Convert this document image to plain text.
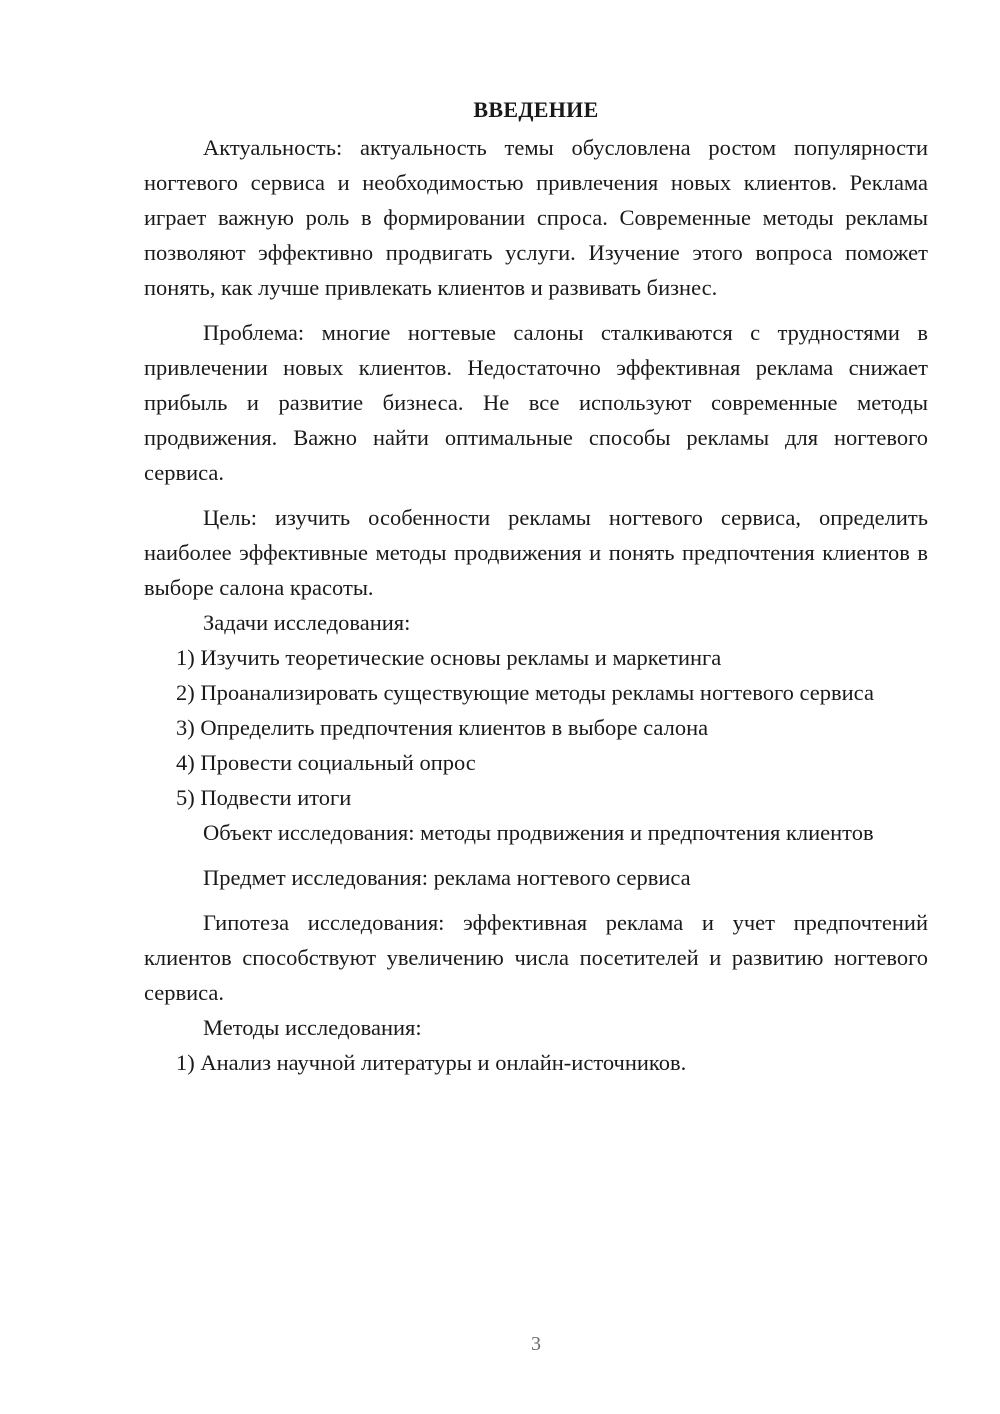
ВВЕДЕНИЕ

Актуальность: актуальность темы обусловлена ростом популярности ногтевого сервиса и необходимостью привлечения новых клиентов. Реклама играет важную роль в формировании спроса. Современные методы рекламы позволяют эффективно продвигать услуги. Изучение этого вопроса поможет понять, как лучше привлекать клиентов и развивать бизнес.

Проблема: многие ногтевые салоны сталкиваются с трудностями в привлечении новых клиентов. Недостаточно эффективная реклама снижает прибыль и развитие бизнеса. Не все используют современные методы продвижения. Важно найти оптимальные способы рекламы для ногтевого сервиса.

Цель: изучить особенности рекламы ногтевого сервиса, определить наиболее эффективные методы продвижения и понять предпочтения клиентов в выборе салона красоты.

Задачи исследования:

1) Изучить теоретические основы рекламы и маркетинга

2) Проанализировать существующие методы рекламы ногтевого сервиса

3) Определить предпочтения клиентов в выборе салона

4) Провести социальный опрос

5) Подвести итоги

Объект исследования: методы продвижения и предпочтения клиентов

Предмет исследования: реклама ногтевого сервиса

Гипотеза исследования: эффективная реклама и учет предпочтений клиентов способствуют увеличению числа посетителей и развитию ногтевого сервиса.

Методы исследования:

1) Анализ научной литературы и онлайн-источников.

3
